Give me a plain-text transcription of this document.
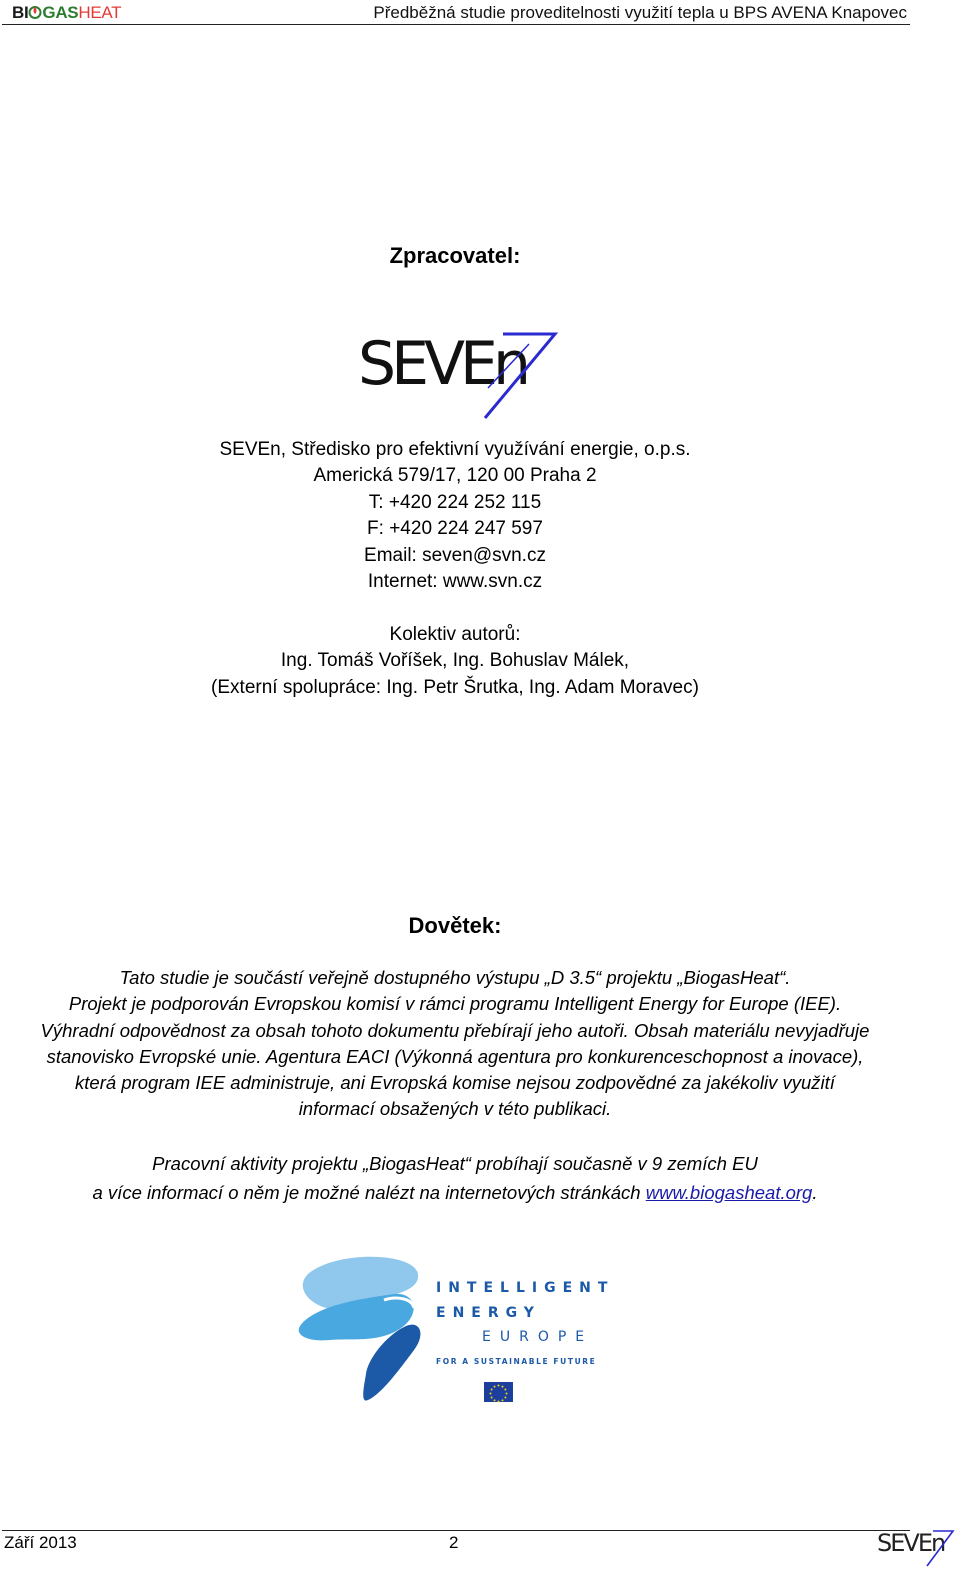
BI GASHEAT	Předběžná studie proveditelnosti využití tepla u BPS AVENA Knapovec
Zpracovatel:
SEVEn
SEVEn, Středisko pro efektivní využívání energie, o.p.s.
Americká 579/17, 120 00 Praha 2
T: +420 224 252 115
F: +420 224 247 597
Email: seven@svn.cz
Internet: www.svn.cz
Kolektiv autorů:
Ing. Tomáš Voříšek, Ing. Bohuslav Málek,
(Externí spolupráce: Ing. Petr Šrutka, Ing. Adam Moravec)
Dovětek:
Tato studie je součástí veřejně dostupného výstupu „D 3.5“ projektu „BiogasHeat“.
Projekt je podporován Evropskou komisí v rámci programu Intelligent Energy for Europe (IEE).
Výhradní odpovědnost za obsah tohoto dokumentu přebírají jeho autoři. Obsah materiálu nevyjadřuje
stanovisko Evropské unie. Agentura EACI (Výkonná agentura pro konkurenceschopnost a inovace),
která program IEE administruje, ani Evropská komise nejsou zodpovědné za jakékoliv využití
informací obsažených v této publikaci.
Pracovní aktivity projektu „BiogasHeat“ probíhají současně v 9 zemích EU
a více informací o něm je možné nalézt na internetových stránkách www.biogasheat.org.
INTELLIGENT
ENERGY
EUROPE
FOR A SUSTAINABLE FUTURE
Září 2013	2	SEVEn
